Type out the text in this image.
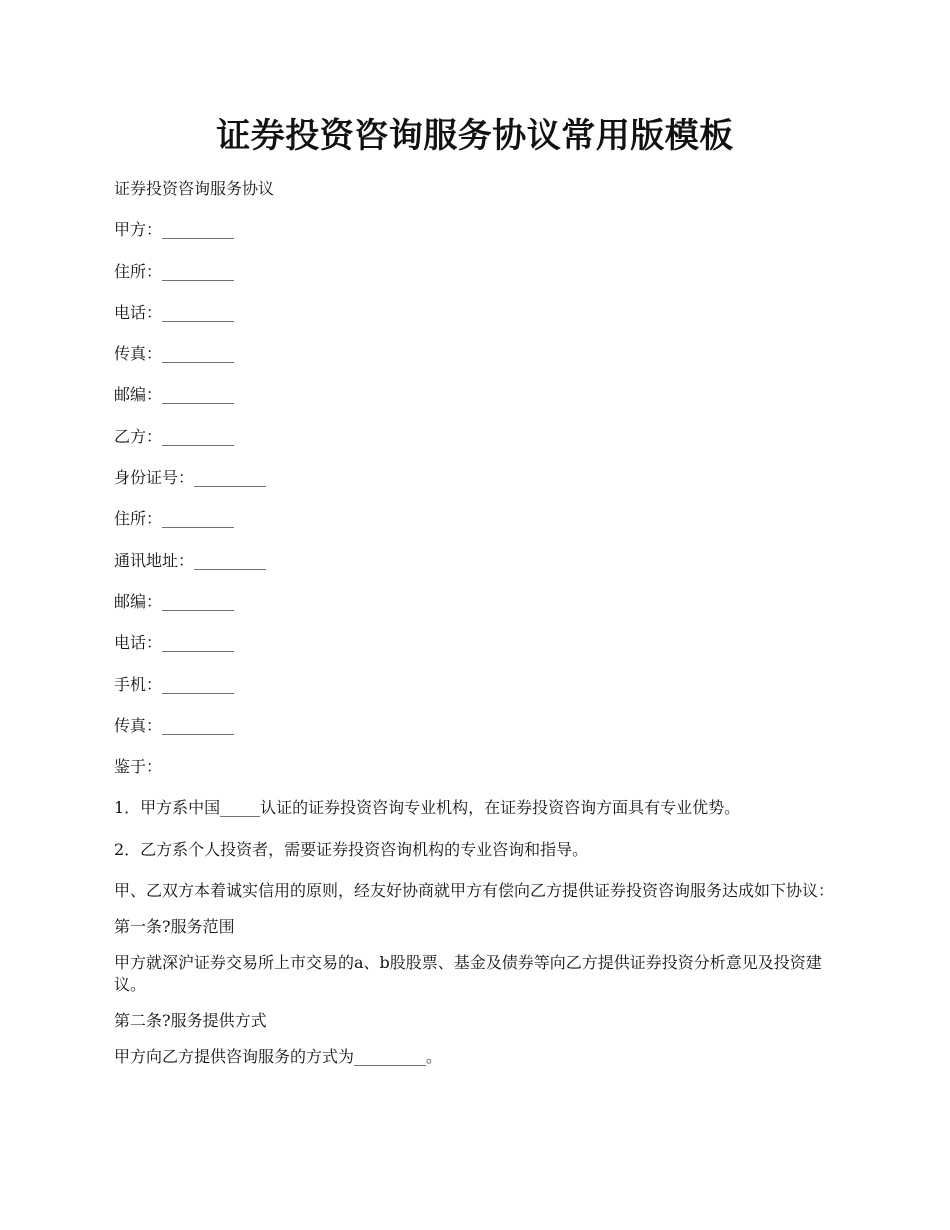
证券投资咨询服务协议常用版模板

证券投资咨询服务协议

甲方：_________

住所：_________

电话：_________

传真：_________

邮编：_________

乙方：_________

身份证号：_________

住所：_________

通讯地址：_________

邮编：_________

电话：_________

手机：_________

传真：_________

鉴于：

1．甲方系中国_____认证的证券投资咨询专业机构，在证券投资咨询方面具有专业优势。

2．乙方系个人投资者，需要证券投资咨询机构的专业咨询和指导。

甲、乙双方本着诚实信用的原则，经友好协商就甲方有偿向乙方提供证券投资咨询服务达成如下协议：

第一条?服务范围

甲方就深沪证券交易所上市交易的a、b股股票、基金及债券等向乙方提供证券投资分析意见及投资建议。

第二条?服务提供方式

甲方向乙方提供咨询服务的方式为_________。
